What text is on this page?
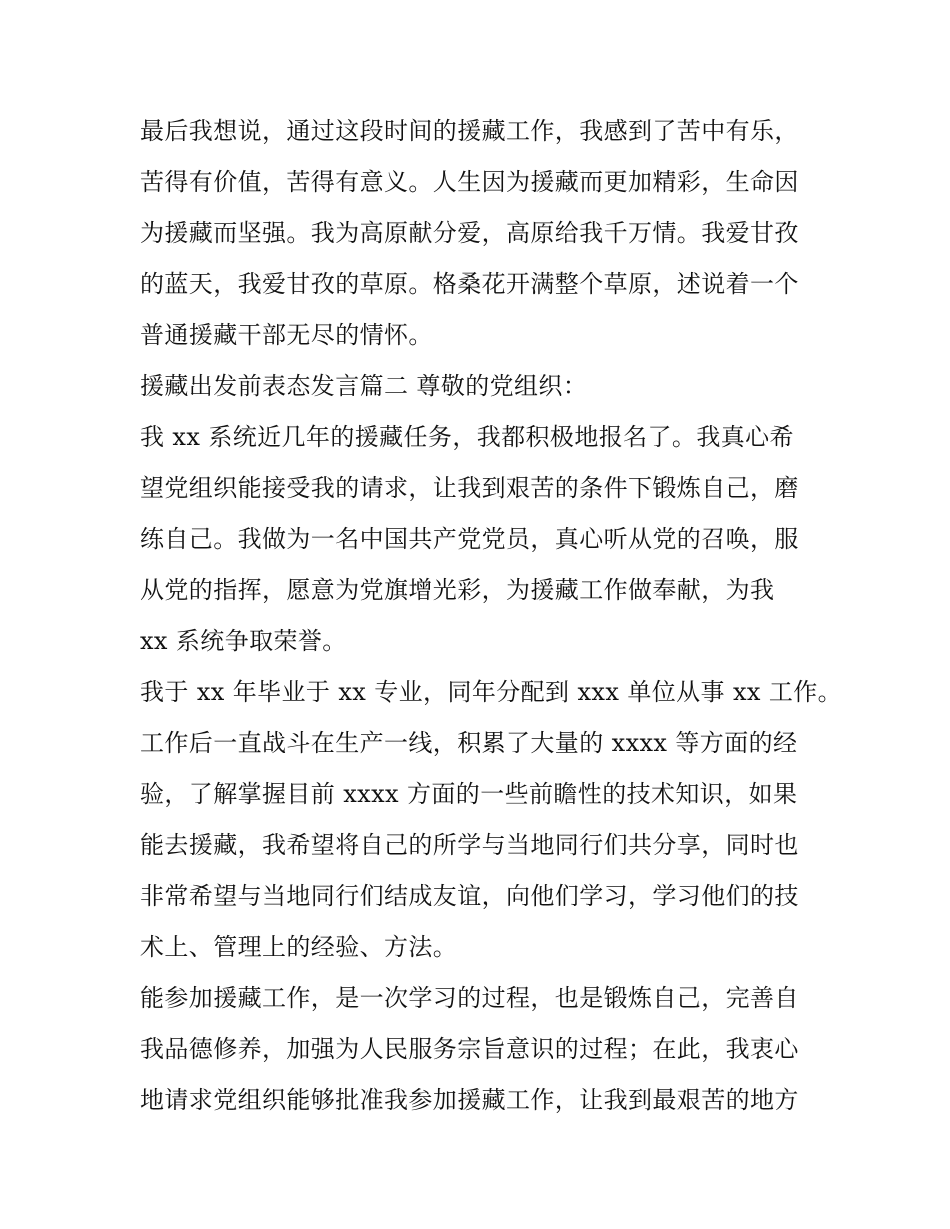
最后我想说，通过这段时间的援藏工作，我感到了苦中有乐，
苦得有价值，苦得有意义。人生因为援藏而更加精彩，生命因
为援藏而坚强。我为高原献分爱，高原给我千万情。我爱甘孜
的蓝天，我爱甘孜的草原。格桑花开满整个草原，述说着一个
普通援藏干部无尽的情怀。
援藏出发前表态发言篇二 尊敬的党组织：
我 xx 系统近几年的援藏任务，我都积极地报名了。我真心希
望党组织能接受我的请求，让我到艰苦的条件下锻炼自己，磨
练自己。我做为一名中国共产党党员，真心听从党的召唤，服
从党的指挥，愿意为党旗增光彩，为援藏工作做奉献，为我
xx 系统争取荣誉。
我于 xx 年毕业于 xx 专业，同年分配到 xxx 单位从事 xx 工作。
工作后一直战斗在生产一线，积累了大量的 xxxx 等方面的经
验，了解掌握目前 xxxx 方面的一些前瞻性的技术知识，如果
能去援藏，我希望将自己的所学与当地同行们共分享，同时也
非常希望与当地同行们结成友谊，向他们学习，学习他们的技
术上、管理上的经验、方法。
能参加援藏工作，是一次学习的过程，也是锻炼自己，完善自
我品德修养，加强为人民服务宗旨意识的过程；在此，我衷心
地请求党组织能够批准我参加援藏工作，让我到最艰苦的地方
